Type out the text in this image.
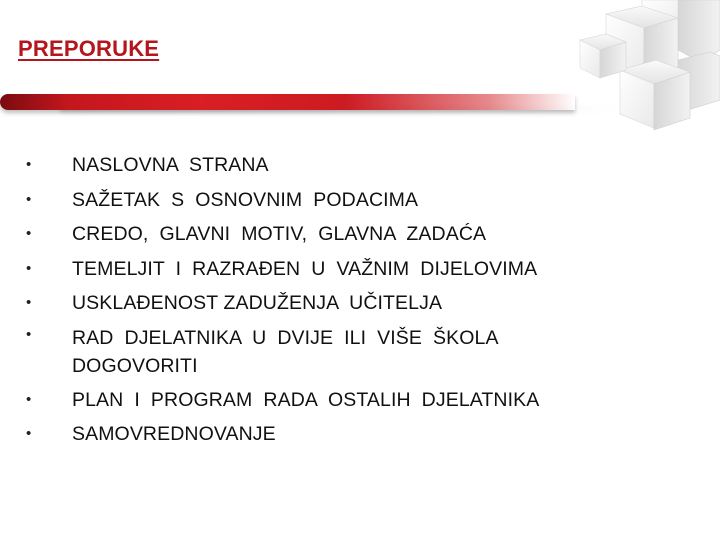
PREPORUKE
•	NASLOVNA  STRANA
•	SAŽETAK  S  OSNOVNIM  PODACIMA
•	CREDO,  GLAVNI  MOTIV,  GLAVNA  ZADAĆA
•	TEMELJIT  I  RAZRAĐEN  U  VAŽNIM  DIJELOVIMA
•	USKLAĐENOST ZADUŽENJA  UČITELJA
•	RAD  DJELATNIKA  U  DVIJE  ILI  VIŠE  ŠKOLA
DOGOVORITI
•	PLAN  I  PROGRAM  RADA  OSTALIH  DJELATNIKA
•	SAMOVREDNOVANJE
